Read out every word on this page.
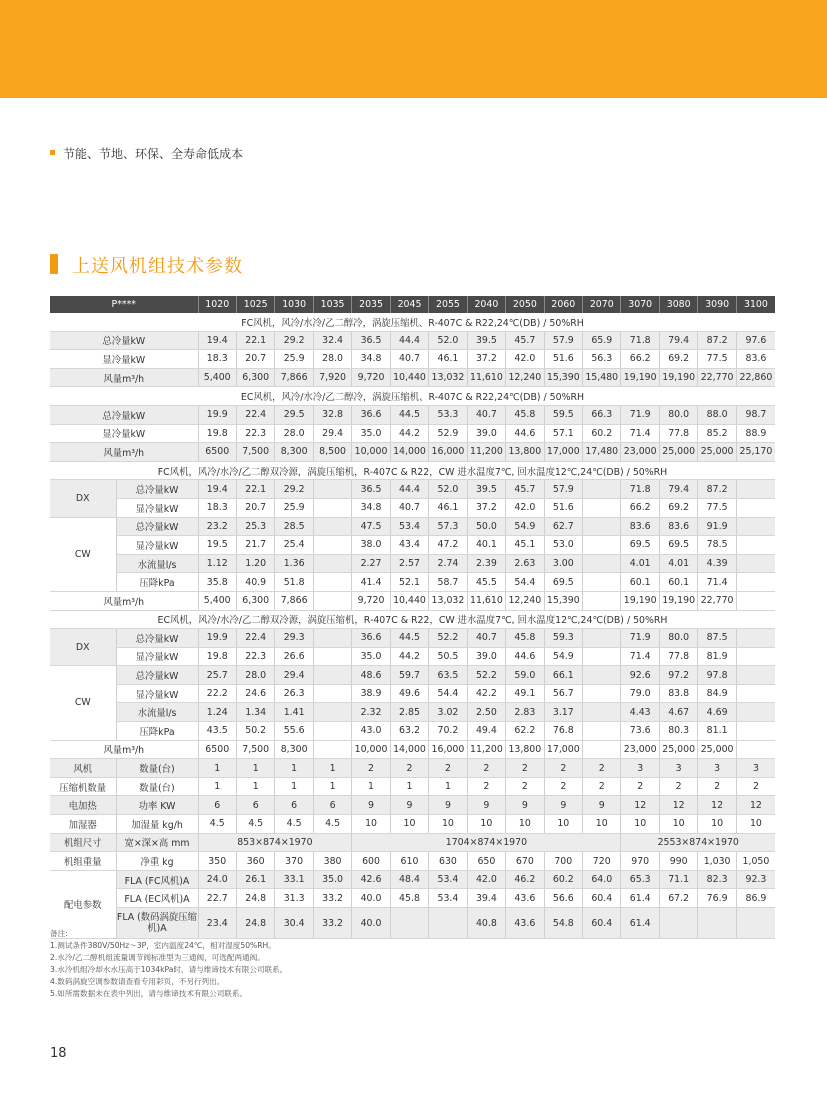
节能、节地、环保、全寿命低成本
上送风机组技术参数
P****		1020	1025	1030	1035	2035	2045	2055	2040	2050	2060	2070	3070	3080	3090	3100
FC风机，风冷/水冷/乙二醇冷，涡旋压缩机、R-407C & R22,24℃(DB) / 50%RH																
总冷量kW		19.4	22.1	29.2	32.4	36.5	44.4	52.0	39.5	45.7	57.9	65.9	71.8	79.4	87.2	97.6
显冷量kW		18.3	20.7	25.9	28.0	34.8	40.7	46.1	37.2	42.0	51.6	56.3	66.2	69.2	77.5	83.6
风量m³/h		5,400	6,300	7,866	7,920	9,720	10,440	13,032	11,610	12,240	15,390	15,480	19,190	19,190	22,770	22,860
EC风机，风冷/水冷/乙二醇冷，涡旋压缩机、R-407C & R22,24℃(DB) / 50%RH																
总冷量kW		19.9	22.4	29.5	32.8	36.6	44.5	53.3	40.7	45.8	59.5	66.3	71.9	80.0	88.0	98.7
显冷量kW		19.8	22.3	28.0	29.4	35.0	44.2	52.9	39.0	44.6	57.1	60.2	71.4	77.8	85.2	88.9
风量m³/h		6500	7,500	8,300	8,500	10,000	14,000	16,000	11,200	13,800	17,000	17,480	23,000	25,000	25,000	25,170
FC风机，风冷/水冷/乙二醇双冷源，涡旋压缩机，R-407C & R22，CW 进水温度7℃, 回水温度12℃,24℃(DB) / 50%RH																
DX	总冷量kW	19.4	22.1	29.2		36.5	44.4	52.0	39.5	45.7	57.9		71.8	79.4	87.2	
	显冷量kW	18.3	20.7	25.9		34.8	40.7	46.1	37.2	42.0	51.6		66.2	69.2	77.5	
CW	总冷量kW	23.2	25.3	28.5		47.5	53.4	57.3	50.0	54.9	62.7		83.6	83.6	91.9	
	显冷量kW	19.5	21.7	25.4		38.0	43.4	47.2	40.1	45.1	53.0		69.5	69.5	78.5	
	水流量l/s	1.12	1.20	1.36		2.27	2.57	2.74	2.39	2.63	3.00		4.01	4.01	4.39	
	压降kPa	35.8	40.9	51.8		41.4	52.1	58.7	45.5	54.4	69.5		60.1	60.1	71.4	
风量m³/h		5,400	6,300	7,866		9,720	10,440	13,032	11,610	12,240	15,390		19,190	19,190	22,770	
EC风机，风冷/水冷/乙二醇双冷源，涡旋压缩机，R-407C & R22，CW 进水温度7℃, 回水温度12℃,24℃(DB) / 50%RH																
DX	总冷量kW	19.9	22.4	29.3		36.6	44.5	52.2	40.7	45.8	59.3		71.9	80.0	87.5	
	显冷量kW	19.8	22.3	26.6		35.0	44.2	50.5	39.0	44.6	54.9		71.4	77.8	81.9	
CW	总冷量kW	25.7	28.0	29.4		48.6	59.7	63.5	52.2	59.0	66.1		92.6	97.2	97.8	
	显冷量kW	22.2	24.6	26.3		38.9	49.6	54.4	42.2	49.1	56.7		79.0	83.8	84.9	
	水流量l/s	1.24	1.34	1.41		2.32	2.85	3.02	2.50	2.83	3.17		4.43	4.67	4.69	
	压降kPa	43.5	50.2	55.6		43.0	63.2	70.2	49.4	62.2	76.8		73.6	80.3	81.1	
风量m³/h		6500	7,500	8,300		10,000	14,000	16,000	11,200	13,800	17,000		23,000	25,000	25,000	
风机	数量(台)	1	1	1	1	2	2	2	2	2	2	2	3	3	3	3
压缩机数量	数量(台)	1	1	1	1	1	1	1	2	2	2	2	2	2	2	2
电加热	功率 KW	6	6	6	6	9	9	9	9	9	9	9	12	12	12	12
加湿器	加湿量 kg/h	4.5	4.5	4.5	4.5	10	10	10	10	10	10	10	10	10	10	10
机组尺寸	宽×深×高 mm	853×874×1970				1704×874×1970							2553×874×1970			
机组重量	净重 kg	350	360	370	380	600	610	630	650	670	700	720	970	990	1,030	1,050
配电参数	FLA (FC风机)A	24.0	26.1	33.1	35.0	42.6	48.4	53.4	42.0	46.2	60.2	64.0	65.3	71.1	82.3	92.3
	FLA (EC风机)A	22.7	24.8	31.3	33.2	40.0	45.8	53.4	39.4	43.6	56.6	60.4	61.4	67.2	76.9	86.9
	FLA (数码涡旋压缩机)A	23.4	24.8	30.4	33.2	40.0			40.8	43.6	54.8	60.4	61.4			
备注:
1.测试条件380V/50Hz～3P，室内温度24℃，相对湿度50%RH。
2.水冷/乙二醇机组流量调节阀标准型为三通阀，可选配两通阀。
3.水冷机组冷却水水压高于1034kPa时，请与维谛技术有限公司联系。
4.数码涡旋空调参数请查看专用彩页，不另行列出。
5.如所需数据未在表中列出，请与维谛技术有限公司联系。
18
